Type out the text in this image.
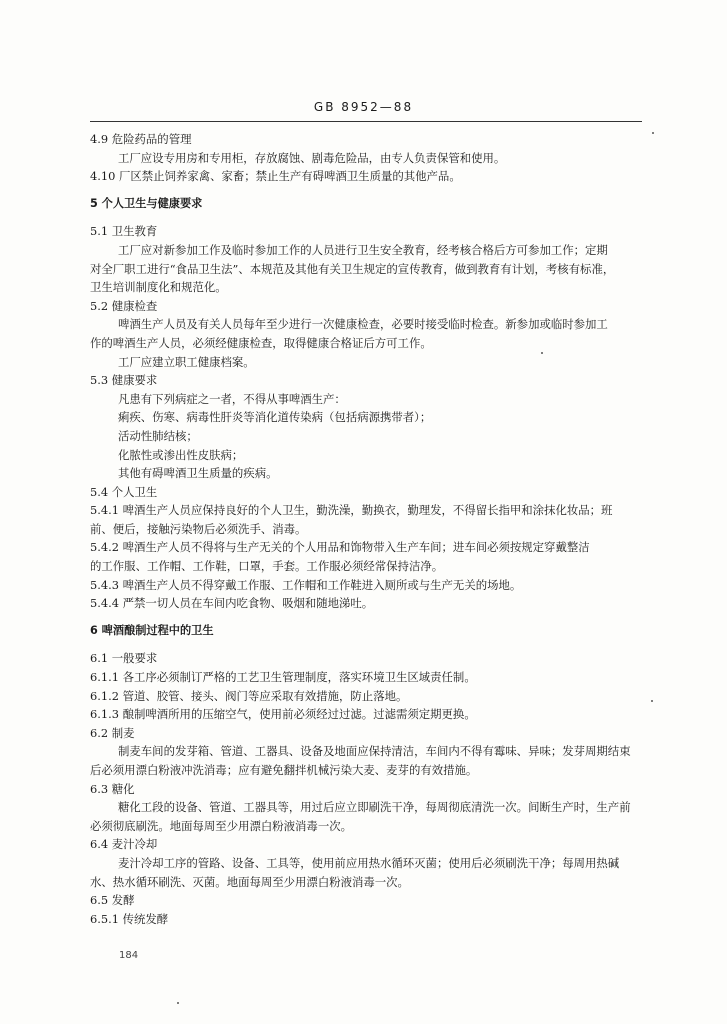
GB 8952—88
4.9 危险药品的管理
工厂应设专用房和专用柜，存放腐蚀、剧毒危险品，由专人负责保管和使用。
4.10 厂区禁止饲养家禽、家畜；禁止生产有碍啤酒卫生质量的其他产品。
5 个人卫生与健康要求
5.1 卫生教育
工厂应对新参加工作及临时参加工作的人员进行卫生安全教育，经考核合格后方可参加工作；定期
对全厂职工进行“食品卫生法”、本规范及其他有关卫生规定的宣传教育，做到教育有计划，考核有标准，
卫生培训制度化和规范化。
5.2 健康检查
啤酒生产人员及有关人员每年至少进行一次健康检查，必要时接受临时检查。新参加或临时参加工
作的啤酒生产人员，必须经健康检查，取得健康合格证后方可工作。
工厂应建立职工健康档案。
5.3 健康要求
凡患有下列病症之一者，不得从事啤酒生产：
痢疾、伤寒、病毒性肝炎等消化道传染病（包括病源携带者）；
活动性肺结核；
化脓性或渗出性皮肤病；
其他有碍啤酒卫生质量的疾病。
5.4 个人卫生
5.4.1 啤酒生产人员应保持良好的个人卫生，勤洗澡，勤换衣，勤理发，不得留长指甲和涂抹化妆品；班
前、便后，接触污染物后必须洗手、消毒。
5.4.2 啤酒生产人员不得将与生产无关的个人用品和饰物带入生产车间；进车间必须按规定穿戴整洁
的工作服、工作帽、工作鞋，口罩，手套。工作服必须经常保持洁净。
5.4.3 啤酒生产人员不得穿戴工作服、工作帽和工作鞋进入厕所或与生产无关的场地。
5.4.4 严禁一切人员在车间内吃食物、吸烟和随地涕吐。
6 啤酒酿制过程中的卫生
6.1 一般要求
6.1.1 各工序必须制订严格的工艺卫生管理制度，落实环境卫生区域责任制。
6.1.2 管道、胶管、接头、阀门等应采取有效措施，防止落地。
6.1.3 酿制啤酒所用的压缩空气，使用前必须经过过滤。过滤需须定期更换。
6.2 制麦
制麦车间的发芽箱、管道、工器具、设备及地面应保持清洁，车间内不得有霉味、异味；发芽周期结束
后必须用漂白粉液冲洗消毒；应有避免翻拌机械污染大麦、麦芽的有效措施。
6.3 糖化
糖化工段的设备、管道、工器具等，用过后应立即刷洗干净，每周彻底清洗一次。间断生产时，生产前
必须彻底刷洗。地面每周至少用漂白粉液消毒一次。
6.4 麦汁冷却
麦汁冷却工序的管路、设备、工具等，使用前应用热水循环灭菌；使用后必须刷洗干净；每周用热碱
水、热水循环刷洗、灭菌。地面每周至少用漂白粉液消毒一次。
6.5 发酵
6.5.1 传统发酵
184
